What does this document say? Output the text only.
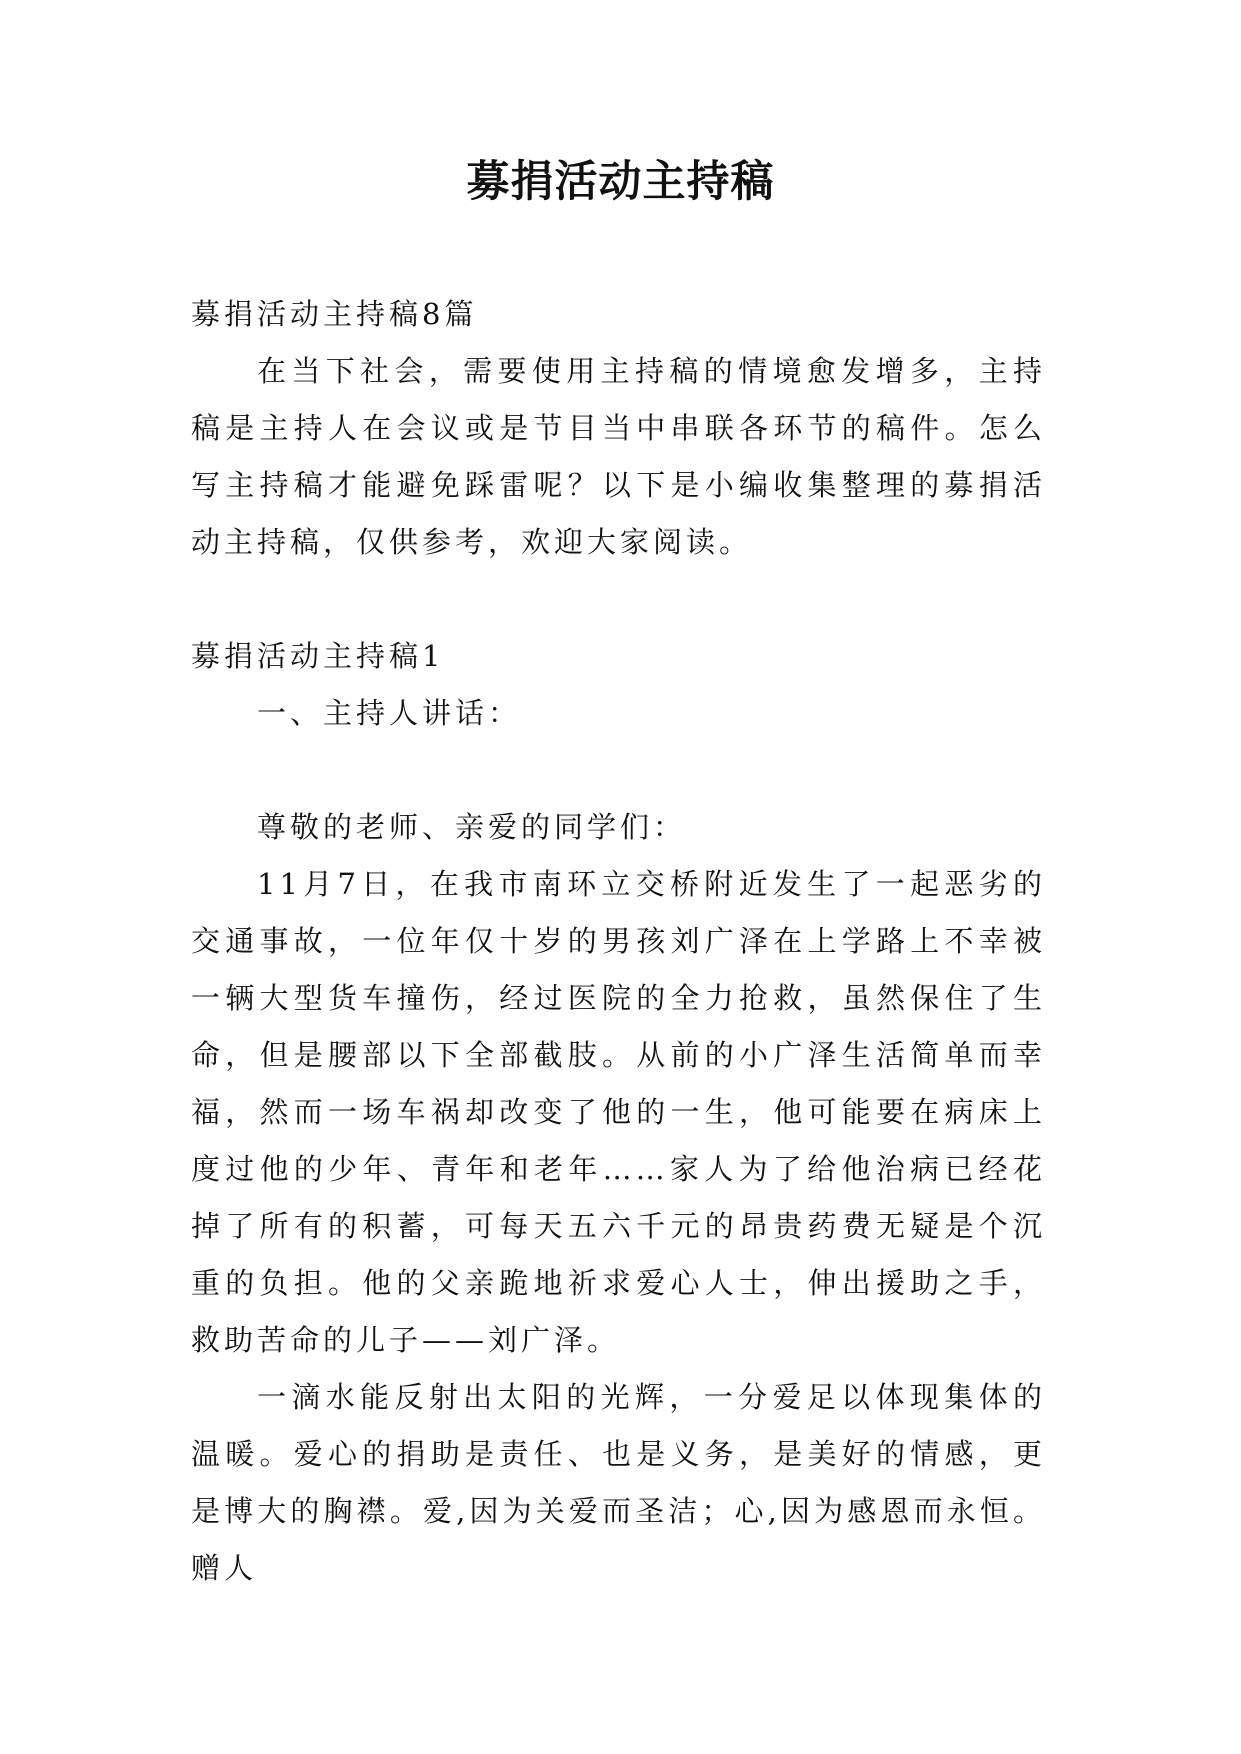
募捐活动主持稿

募捐活动主持稿8篇

在当下社会，需要使用主持稿的情境愈发增多，主持稿是主持人在会议或是节目当中串联各环节的稿件。怎么写主持稿才能避免踩雷呢？以下是小编收集整理的募捐活动主持稿，仅供参考，欢迎大家阅读。

募捐活动主持稿1

一、主持人讲话：

尊敬的老师、亲爱的同学们：

11月7日，在我市南环立交桥附近发生了一起恶劣的交通事故，一位年仅十岁的男孩刘广泽在上学路上不幸被一辆大型货车撞伤，经过医院的全力抢救，虽然保住了生命，但是腰部以下全部截肢。从前的小广泽生活简单而幸福，然而一场车祸却改变了他的一生，他可能要在病床上度过他的少年、青年和老年……家人为了给他治病已经花掉了所有的积蓄，可每天五六千元的昂贵药费无疑是个沉重的负担。他的父亲跪地祈求爱心人士，伸出援助之手，救助苦命的儿子——刘广泽。

一滴水能反射出太阳的光辉，一分爱足以体现集体的温暖。爱心的捐助是责任、也是义务，是美好的情感，更是博大的胸襟。爱,因为关爱而圣洁；心,因为感恩而永恒。赠人
